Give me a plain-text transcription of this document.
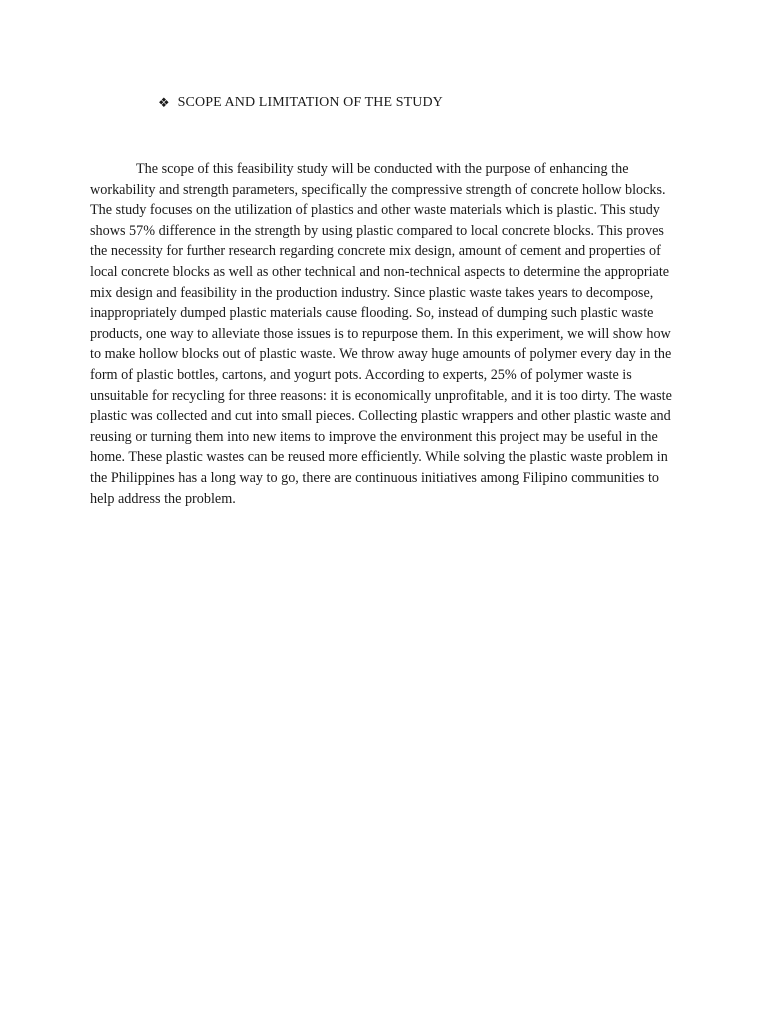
❖ SCOPE AND LIMITATION OF THE STUDY

The scope of this feasibility study will be conducted with the purpose of enhancing the workability and strength parameters, specifically the compressive strength of concrete hollow blocks. The study focuses on the utilization of plastics and other waste materials which is plastic. This study shows 57% difference in the strength by using plastic compared to local concrete blocks. This proves the necessity for further research regarding concrete mix design, amount of cement and properties of local concrete blocks as well as other technical and non-technical aspects to determine the appropriate mix design and feasibility in the production industry. Since plastic waste takes years to decompose, inappropriately dumped plastic materials cause flooding. So, instead of dumping such plastic waste products, one way to alleviate those issues is to repurpose them. In this experiment, we will show how to make hollow blocks out of plastic waste. We throw away huge amounts of polymer every day in the form of plastic bottles, cartons, and yogurt pots. According to experts, 25% of polymer waste is unsuitable for recycling for three reasons: it is economically unprofitable, and it is too dirty. The waste plastic was collected and cut into small pieces. Collecting plastic wrappers and other plastic waste and reusing or turning them into new items to improve the environment this project may be useful in the home. These plastic wastes can be reused more efficiently. While solving the plastic waste problem in the Philippines has a long way to go, there are continuous initiatives among Filipino communities to help address the problem.
